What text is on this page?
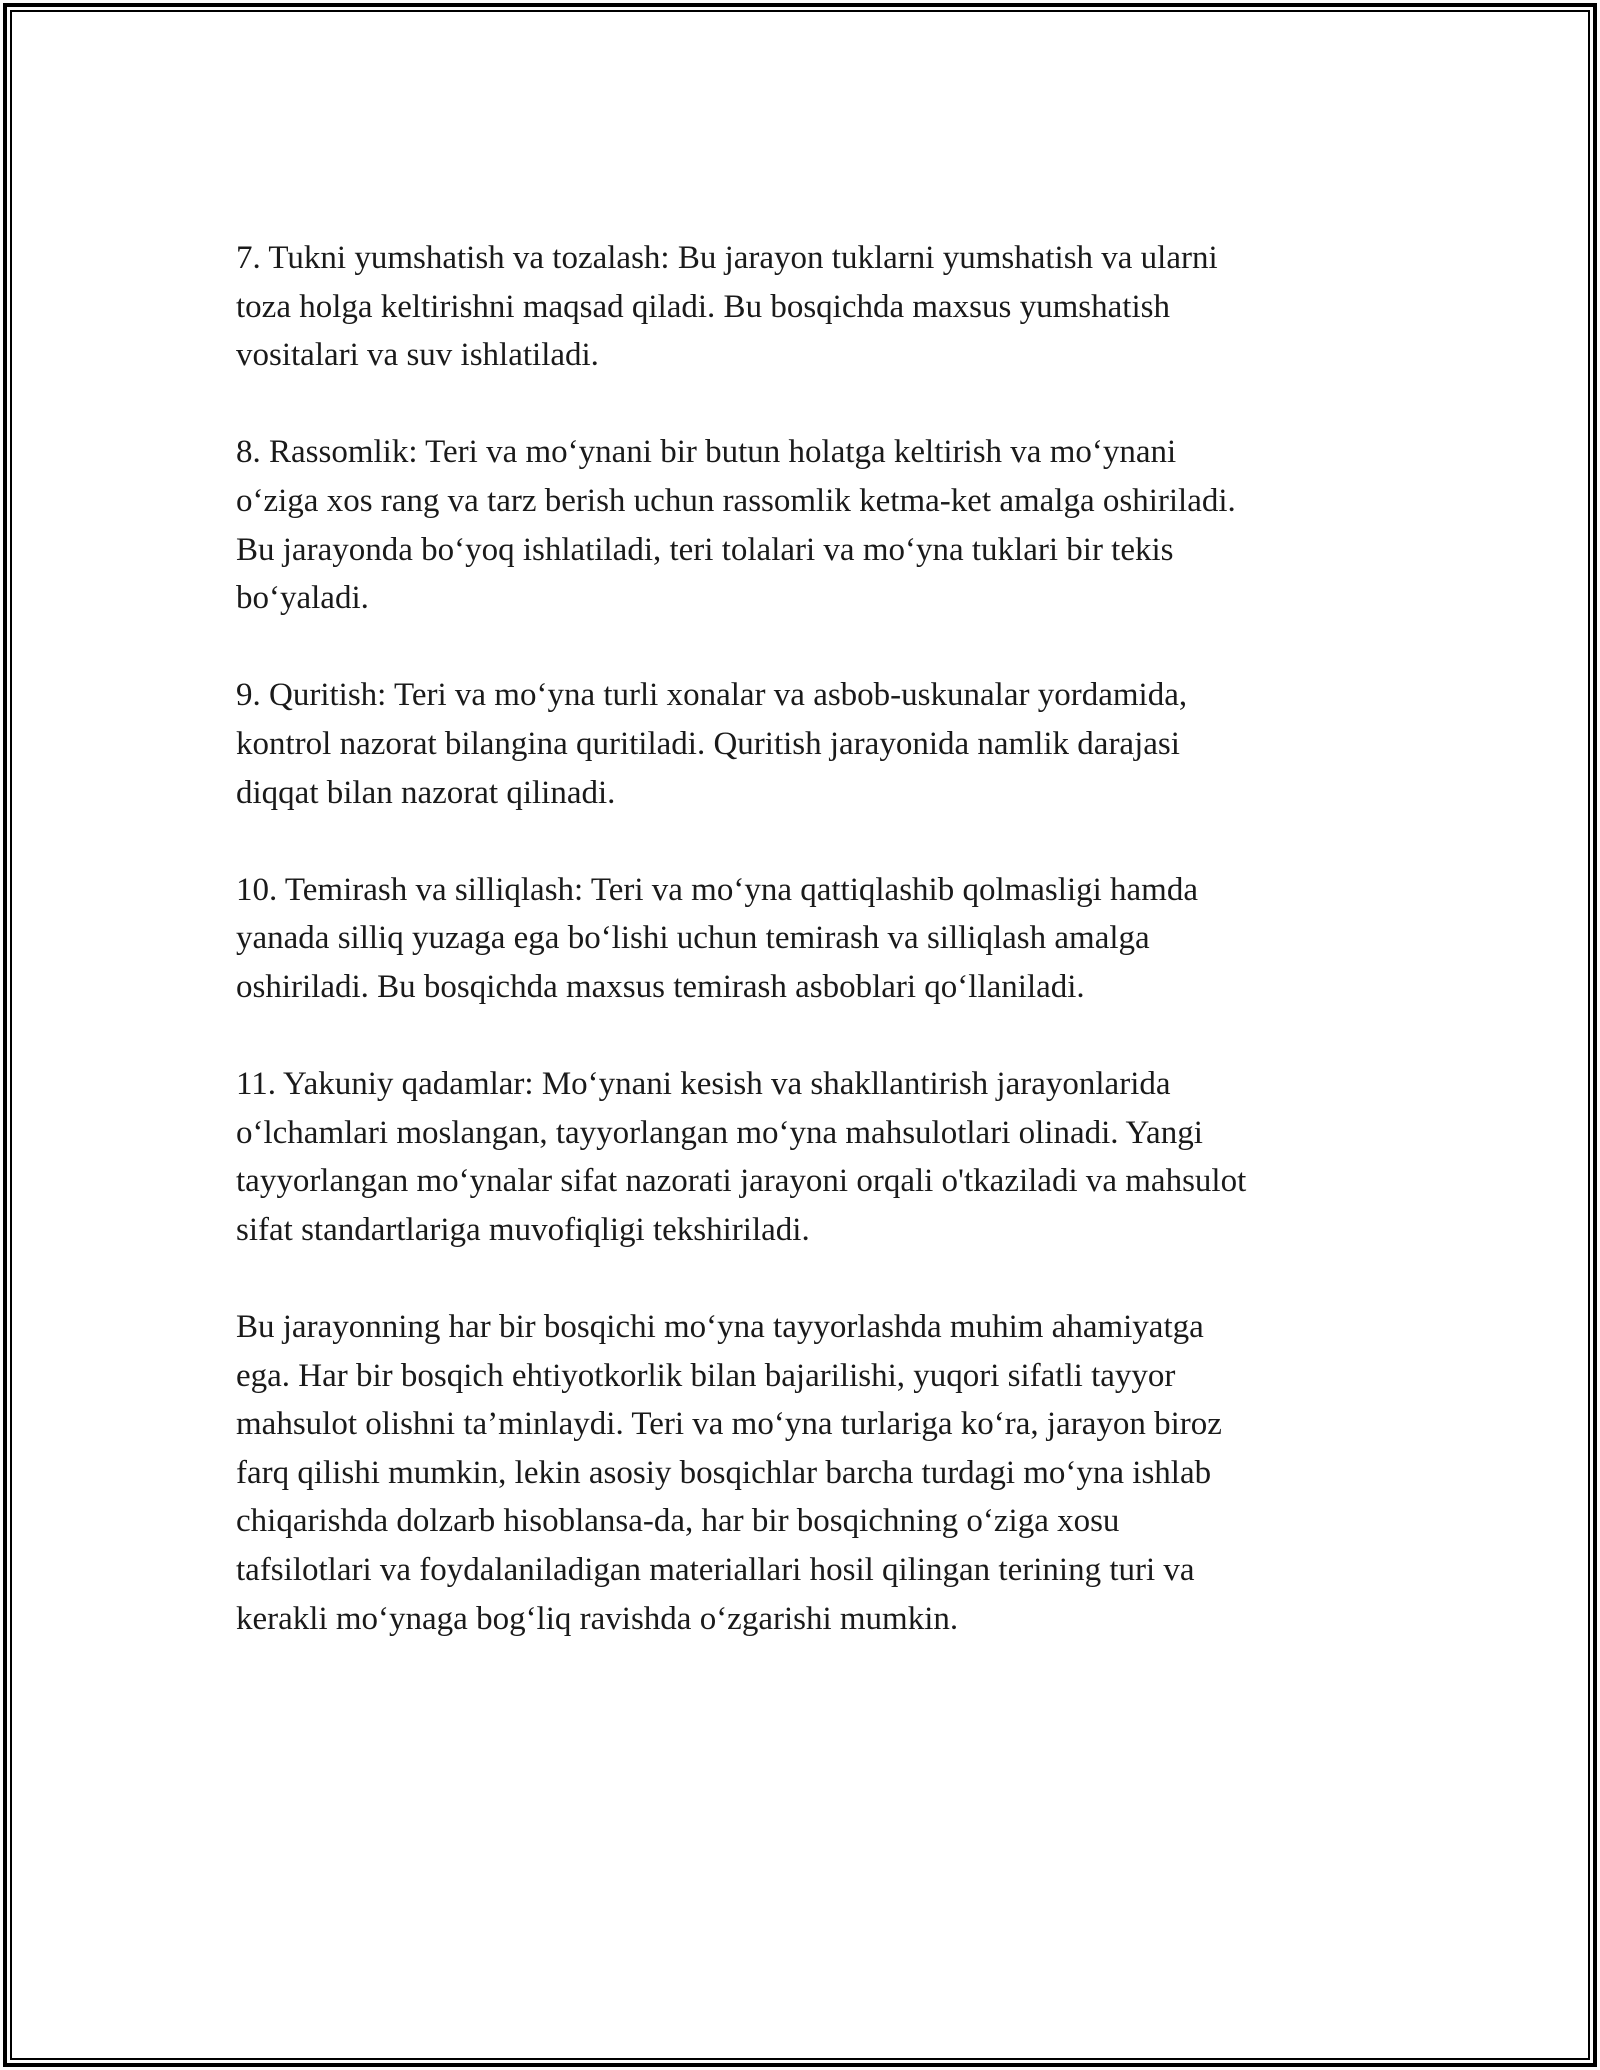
7. Tukni yumshatish va tozalash: Bu jarayon tuklarni yumshatish va ularni
toza holga keltirishni maqsad qiladi. Bu bosqichda maxsus yumshatish
vositalari va suv ishlatiladi.

8. Rassomlik: Teri va mo‘ynani bir butun holatga keltirish va mo‘ynani
o‘ziga xos rang va tarz berish uchun rassomlik ketma-ket amalga oshiriladi.
Bu jarayonda bo‘yoq ishlatiladi, teri tolalari va mo‘yna tuklari bir tekis
bo‘yaladi.

9. Quritish: Teri va mo‘yna turli xonalar va asbob-uskunalar yordamida,
kontrol nazorat bilangina quritiladi. Quritish jarayonida namlik darajasi
diqqat bilan nazorat qilinadi.

10. Temirash va silliqlash: Teri va mo‘yna qattiqlashib qolmasligi hamda
yanada silliq yuzaga ega bo‘lishi uchun temirash va silliqlash amalga
oshiriladi. Bu bosqichda maxsus temirash asboblari qo‘llaniladi.

11. Yakuniy qadamlar: Mo‘ynani kesish va shakllantirish jarayonlarida
o‘lchamlari moslangan, tayyorlangan mo‘yna mahsulotlari olinadi. Yangi
tayyorlangan mo‘ynalar sifat nazorati jarayoni orqali o'tkaziladi va mahsulot
sifat standartlariga muvofiqligi tekshiriladi.

Bu jarayonning har bir bosqichi mo‘yna tayyorlashda muhim ahamiyatga
ega. Har bir bosqich ehtiyotkorlik bilan bajarilishi, yuqori sifatli tayyor
mahsulot olishni ta’minlaydi. Teri va mo‘yna turlariga ko‘ra, jarayon biroz
farq qilishi mumkin, lekin asosiy bosqichlar barcha turdagi mo‘yna ishlab
chiqarishda dolzarb hisoblansa-da, har bir bosqichning o‘ziga xosu
tafsilotlari va foydalaniladigan materiallari hosil qilingan terining turi va
kerakli mo‘ynaga bog‘liq ravishda o‘zgarishi mumkin.
